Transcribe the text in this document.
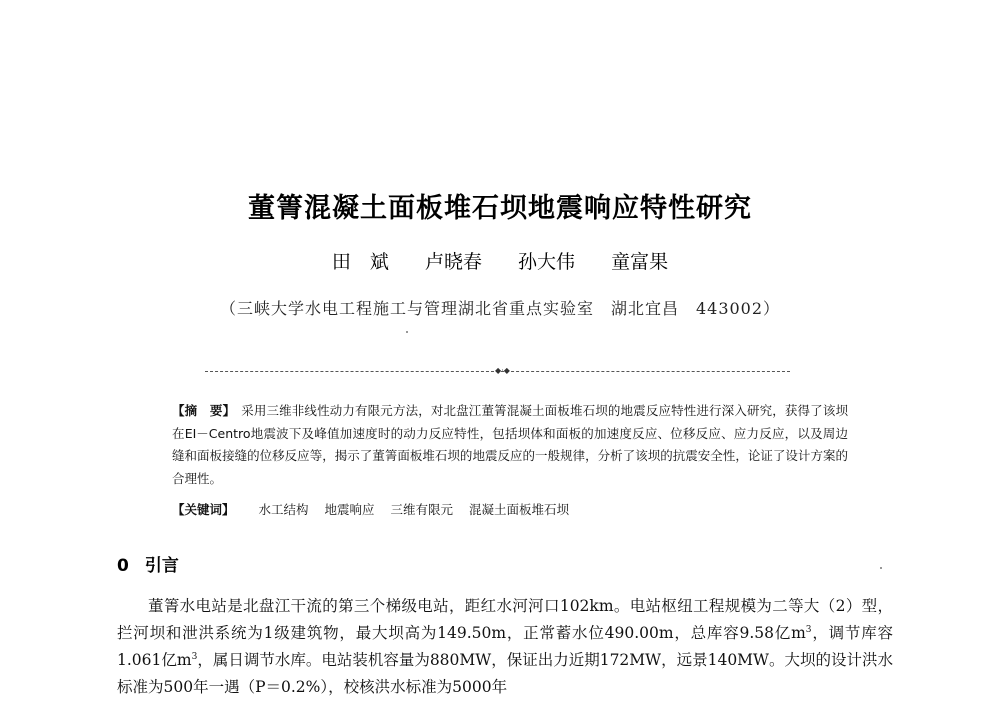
董箐混凝土面板堆石坝地震响应特性研究
田　斌 卢晓春 孙大伟 童富果
（三峡大学水电工程施工与管理湖北省重点实验室　湖北宜昌　443002）
◆·◆
【摘　要】 采用三维非线性动力有限元方法，对北盘江董箐混凝土面板堆石坝的地震反应特性进行深入研究，获得了该坝在EI－Centro地震波下及峰值加速度时的动力反应特性，包括坝体和面板的加速度反应、位移反应、应力反应，以及周边缝和面板接缝的位移反应等，揭示了董箐面板堆石坝的地震反应的一般规律，分析了该坝的抗震安全性，论证了设计方案的合理性。
【关键词】 水工结构 地震响应 三维有限元 混凝土面板堆石坝
0 引言
董箐水电站是北盘江干流的第三个梯级电站，距红水河河口102km。电站枢纽工程规模为二等大（2）型，拦河坝和泄洪系统为1级建筑物，最大坝高为149.50m，正常蓄水位490.00m，总库容9.58亿$m^3$，调节库容1.061亿$m^3$，属日调节水库。电站装机容量为880MW，保证出力近期172MW，远景140MW。大坝的设计洪水标准为500年一遇（P＝0.2%），校核洪水标准为5000年
